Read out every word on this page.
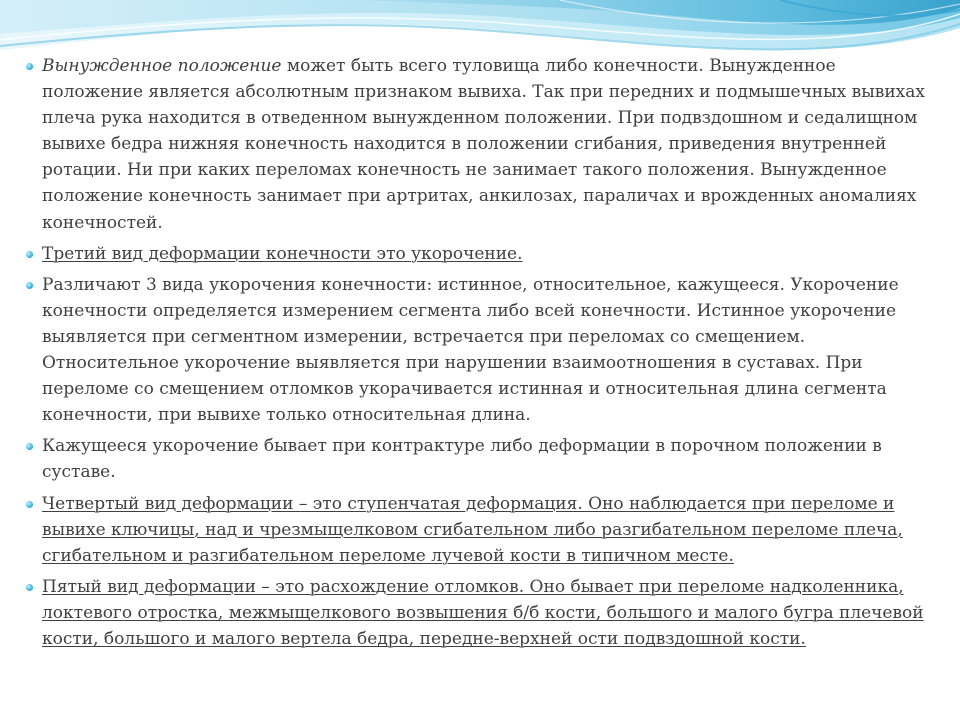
Вынужденное положение может быть всего туловища либо конечности. Вынужденное положение является абсолютным признаком вывиха. Так при передних и подмышечных вывихах плеча рука находится в отведенном вынужденном положении. При подвздошном и седалищном вывихе бедра нижняя конечность находится в положении сгибания, приведения внутренней ротации. Ни при каких переломах конечность не занимает такого положения. Вынужденное положение конечность занимает при артритах, анкилозах, параличах и врожденных аномалиях конечностей.
Третий вид деформации конечности это укорочение.
Различают 3 вида укорочения конечности: истинное, относительное, кажущееся. Укорочение конечности определяется измерением сегмента либо всей конечности. Истинное укорочение выявляется при сегментном измерении, встречается при переломах со смещением. Относительное укорочение выявляется при нарушении взаимоотношения в суставах. При переломе со смещением отломков укорачивается истинная и относительная длина сегмента конечности, при вывихе только относительная длина.
Кажущееся укорочение бывает при контрактуре либо деформации в порочном положении в суставе.
Четвертый вид деформации – это ступенчатая деформация. Оно наблюдается при переломе и вывихе ключицы, над и чрезмыщелковом сгибательном либо разгибательном переломе плеча, сгибательном и разгибательном переломе лучевой кости в типичном месте.
Пятый вид деформации – это расхождение отломков. Оно бывает при переломе надколенника, локтевого отростка, межмыщелкового возвышения б/б кости, большого и малого бугра плечевой кости, большого и малого вертела бедра, передне-верхней ости подвздошной кости.
